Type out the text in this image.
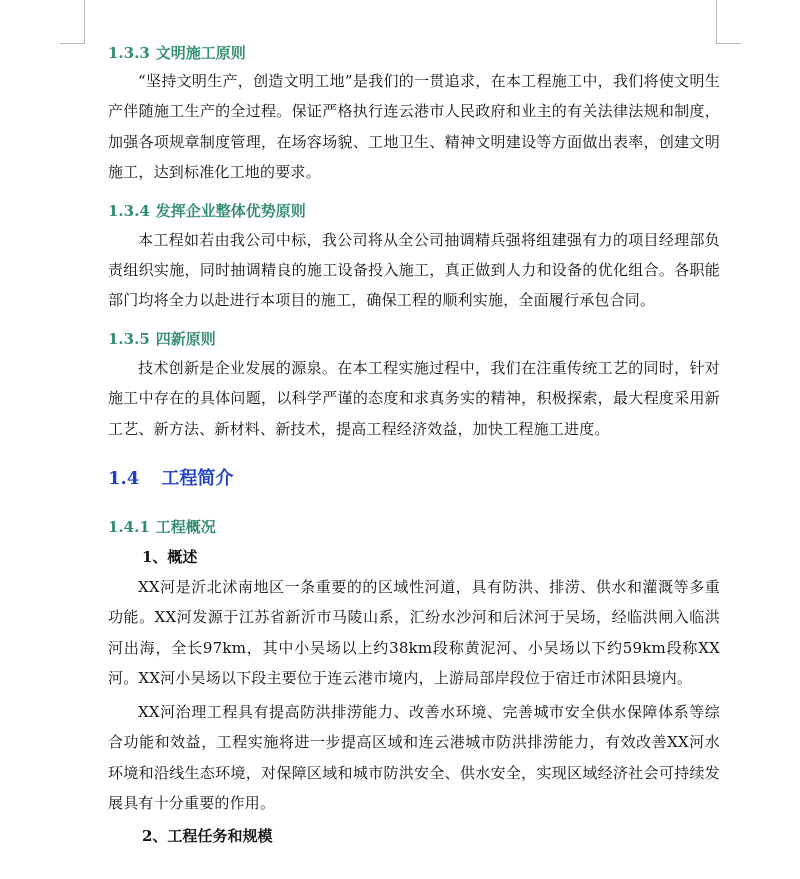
1.3.3 文明施工原则

“坚持文明生产，创造文明工地”是我们的一贯追求，在本工程施工中，我们将使文明生产伴随施工生产的全过程。保证严格执行连云港市人民政府和业主的有关法律法规和制度，加强各项规章制度管理，在场容场貌、工地卫生、精神文明建设等方面做出表率，创建文明施工，达到标准化工地的要求。

1.3.4 发挥企业整体优势原则

本工程如若由我公司中标，我公司将从全公司抽调精兵强将组建强有力的项目经理部负责组织实施，同时抽调精良的施工设备投入施工，真正做到人力和设备的优化组合。各职能部门均将全力以赴进行本项目的施工，确保工程的顺利实施，全面履行承包合同。

1.3.5 四新原则

技术创新是企业发展的源泉。在本工程实施过程中，我们在注重传统工艺的同时，针对施工中存在的具体问题，以科学严谨的态度和求真务实的精神，积极探索，最大程度采用新工艺、新方法、新材料、新技术，提高工程经济效益，加快工程施工进度。

1.4 工程简介
1.4.1 工程概况
1、概述

XX河是沂北沭南地区一条重要的的区域性河道，具有防洪、排涝、供水和灌溉等多重功能。XX河发源于江苏省新沂市马陵山系，汇纷水沙河和后沭河于吴场，经临洪闸入临洪河出海，全长97km，其中小吴场以上约38km段称黄泥河、小吴场以下约59km段称XX河。XX河小吴场以下段主要位于连云港市境内，上游局部岸段位于宿迁市沭阳县境内。

XX河治理工程具有提高防洪排涝能力、改善水环境、完善城市安全供水保障体系等综合功能和效益，工程实施将进一步提高区域和连云港城市防洪排涝能力，有效改善XX河水环境和沿线生态环境，对保障区域和城市防洪安全、供水安全，实现区域经济社会可持续发展具有十分重要的作用。

2、工程任务和规模
